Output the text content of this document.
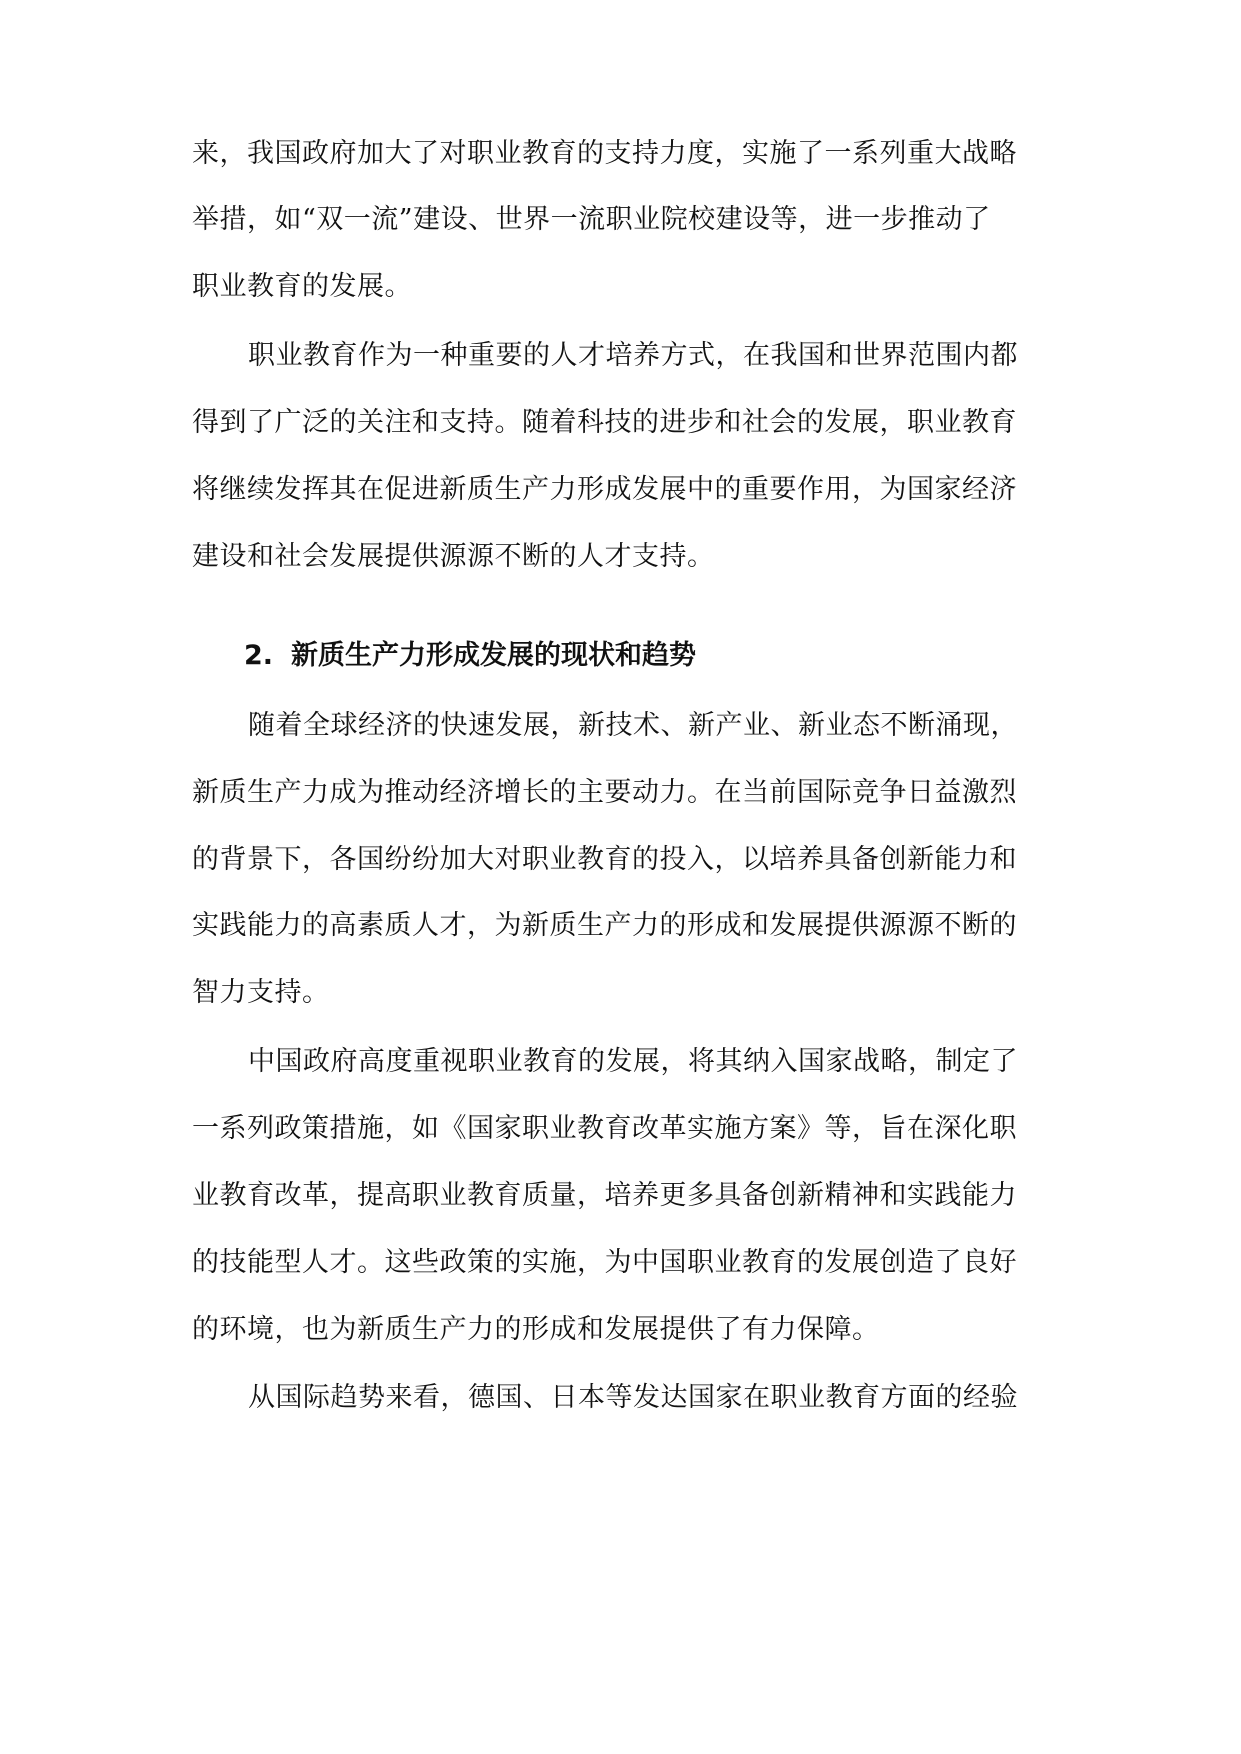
来，我国政府加大了对职业教育的支持力度，实施了一系列重大战略
举措，如“双一流”建设、世界一流职业院校建设等，进一步推动了
职业教育的发展。
职业教育作为一种重要的人才培养方式，在我国和世界范围内都
得到了广泛的关注和支持。随着科技的进步和社会的发展，职业教育
将继续发挥其在促进新质生产力形成发展中的重要作用，为国家经济
建设和社会发展提供源源不断的人才支持。
2. 新质生产力形成发展的现状和趋势
随着全球经济的快速发展，新技术、新产业、新业态不断涌现，
新质生产力成为推动经济增长的主要动力。在当前国际竞争日益激烈
的背景下，各国纷纷加大对职业教育的投入，以培养具备创新能力和
实践能力的高素质人才，为新质生产力的形成和发展提供源源不断的
智力支持。
中国政府高度重视职业教育的发展，将其纳入国家战略，制定了
一系列政策措施，如《国家职业教育改革实施方案》等，旨在深化职
业教育改革，提高职业教育质量，培养更多具备创新精神和实践能力
的技能型人才。这些政策的实施，为中国职业教育的发展创造了良好
的环境，也为新质生产力的形成和发展提供了有力保障。
从国际趋势来看，德国、日本等发达国家在职业教育方面的经验
